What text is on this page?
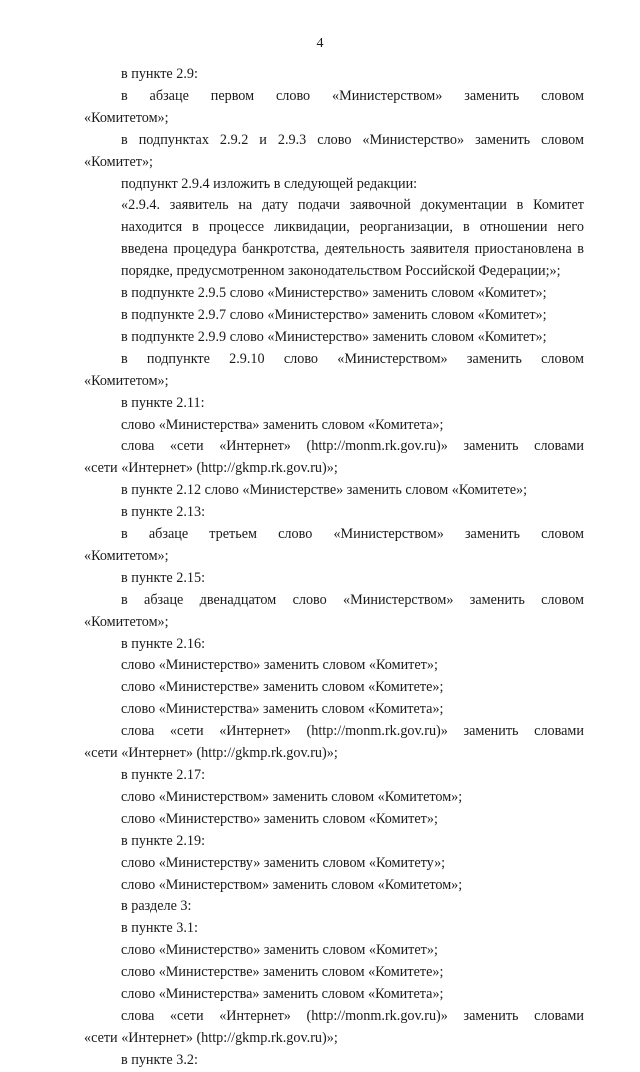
4

в пункте 2.9:

в абзаце первом слово «Министерством» заменить словом

«Комитетом»;

в подпунктах 2.9.2 и 2.9.3 слово «Министерство» заменить словом

«Комитет»;

подпункт 2.9.4 изложить в следующей редакции:

«2.9.4. заявитель на дату подачи заявочной документации в Комитет находится в процессе ликвидации, реорганизации, в отношении него введена процедура банкротства, деятельность заявителя приостановлена в порядке, предусмотренном законодательством Российской Федерации;»;

в подпункте 2.9.5 слово «Министерство» заменить словом «Комитет»;

в подпункте 2.9.7 слово «Министерство» заменить словом «Комитет»;

в подпункте 2.9.9 слово «Министерство» заменить словом «Комитет»;

в подпункте 2.9.10 слово «Министерством» заменить словом

«Комитетом»;

в пункте 2.11:

слово «Министерства» заменить словом «Комитета»;

слова «сети «Интернет» (http://monm.rk.gov.ru)» заменить словами

«сети «Интернет» (http://gkmp.rk.gov.ru)»;

в пункте 2.12 слово «Министерстве» заменить словом «Комитете»;

в пункте 2.13:

в абзаце третьем слово «Министерством» заменить словом

«Комитетом»;

в пункте 2.15:

в абзаце двенадцатом слово «Министерством» заменить словом

«Комитетом»;

в пункте 2.16:

слово «Министерство» заменить словом «Комитет»;

слово «Министерстве» заменить словом «Комитете»;

слово «Министерства» заменить словом «Комитета»;

слова «сети «Интернет» (http://monm.rk.gov.ru)» заменить словами

«сети «Интернет» (http://gkmp.rk.gov.ru)»;

в пункте 2.17:

слово «Министерством» заменить словом «Комитетом»;

слово «Министерство» заменить словом «Комитет»;

в пункте 2.19:

слово «Министерству» заменить словом «Комитету»;

слово «Министерством» заменить словом «Комитетом»;

в разделе 3:

в пункте 3.1:

слово «Министерство» заменить словом «Комитет»;

слово «Министерстве» заменить словом «Комитете»;

слово «Министерства» заменить словом «Комитета»;

слова «сети «Интернет» (http://monm.rk.gov.ru)» заменить словами

«сети «Интернет» (http://gkmp.rk.gov.ru)»;

в пункте 3.2:
